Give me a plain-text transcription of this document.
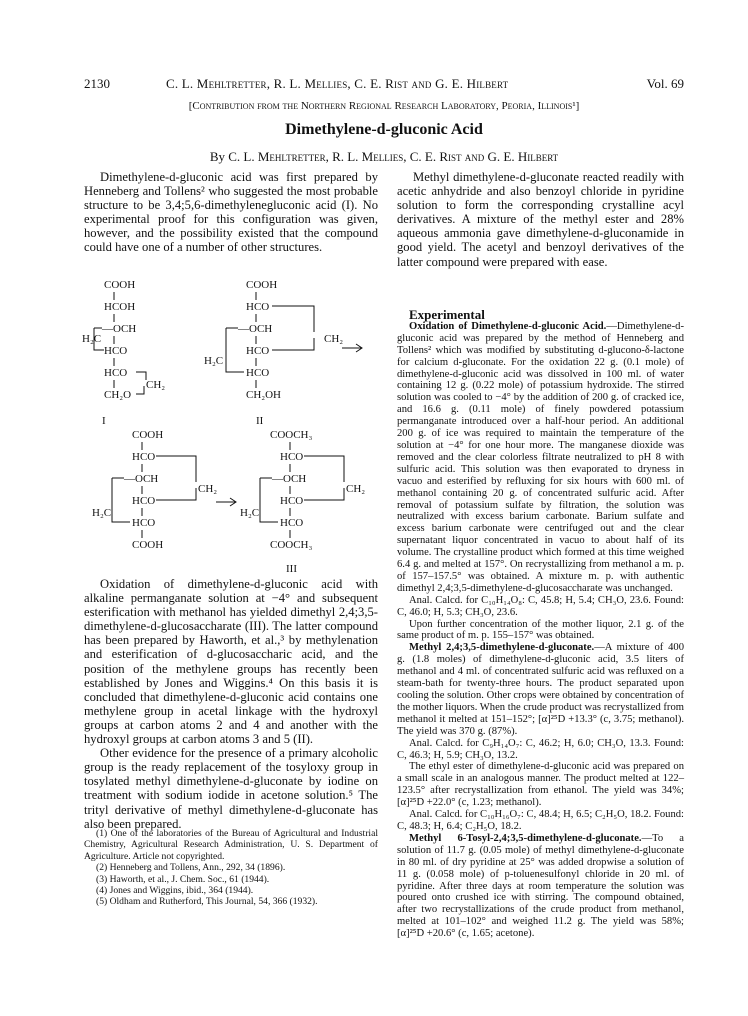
2130	C. L. Mehltretter, R. L. Mellies, C. E. Rist and G. E. Hilbert	Vol. 69
[Contribution from the Northern Regional Research Laboratory, Peoria, Illinois¹]
Dimethylene-d-gluconic Acid
By C. L. Mehltretter, R. L. Mellies, C. E. Rist and G. E. Hilbert

Dimethylene-d-gluconic acid was first prepared by Henneberg and Tollens² who suggested the most probable structure to be 3,4;5,6-dimethylenegluconic acid (I). No experimental proof for this configuration was given, however, and the possibility existed that the compound could have one of a number of other structures.

COOH
HCOH
—OCH
HCO
HCO
CH₂O
H₂C
CH₂
I
COOH
HCO
—OCH
HCO
HCO
CH₂OH
H₂C
CH₂
II
COOH
HCO
—OCH
HCO
HCO
COOH
H₂C
CH₂
COOCH₃
HCO
—OCH
HCO
HCO
COOCH₃
H₂C
CH₂
III

Oxidation of dimethylene-d-gluconic acid with alkaline permanganate solution at −4° and subsequent esterification with methanol has yielded dimethyl 2,4;3,5-dimethylene-d-glucosaccharate (III). The latter compound has been prepared by Haworth, et al.,³ by methylenation and esterification of d-glucosaccharic acid, and the position of the methylene groups has recently been established by Jones and Wiggins.⁴ On this basis it is concluded that dimethylene-d-gluconic acid contains one methylene group in acetal linkage with the hydroxyl groups at carbon atoms 2 and 4 and another with the hydroxyl groups at carbon atoms 3 and 5 (II).

Other evidence for the presence of a primary alcoholic group is the ready replacement of the tosyloxy group in tosylated methyl dimethylene-d-gluconate by iodine on treatment with sodium iodide in acetone solution.⁵ The trityl derivative of methyl dimethylene-d-gluconate has also been prepared.

(1) One of the laboratories of the Bureau of Agricultural and Industrial Chemistry, Agricultural Research Administration, U. S. Department of Agriculture. Article not copyrighted.

(2) Henneberg and Tollens, Ann., 292, 34 (1896).

(3) Haworth, et al., J. Chem. Soc., 61 (1944).

(4) Jones and Wiggins, ibid., 364 (1944).

(5) Oldham and Rutherford, This Journal, 54, 366 (1932).

Methyl dimethylene-d-gluconate reacted readily with acetic anhydride and also benzoyl chloride in pyridine solution to form the corresponding crystalline acyl derivatives. A mixture of the methyl ester and 28% aqueous ammonia gave dimethylene-d-gluconamide in good yield. The acetyl and benzoyl derivatives of the latter compound were prepared with ease.

Experimental

Oxidation of Dimethylene-d-gluconic Acid.—Dimethylene-d-gluconic acid was prepared by the method of Henneberg and Tollens² which was modified by substituting d-glucono-δ-lactone for calcium d-gluconate. For the oxidation 22 g. (0.1 mole) of dimethylene-d-gluconic acid was dissolved in 100 ml. of water containing 12 g. (0.22 mole) of potassium hydroxide. The stirred solution was cooled to −4° by the addition of 200 g. of cracked ice, and 16.6 g. (0.11 mole) of finely powdered potassium permanganate introduced over a half-hour period. An additional 200 g. of ice was required to maintain the temperature of the solution at −4° for one hour more. The manganese dioxide was removed and the clear colorless filtrate neutralized to pH 8 with sulfuric acid. This solution was then evaporated to dryness in vacuo and esterified by refluxing for six hours with 600 ml. of methanol containing 20 g. of concentrated sulfuric acid. After removal of potassium sulfate by filtration, the solution was neutralized with excess barium carbonate. Barium sulfate and excess barium carbonate were centrifuged out and the clear supernatant liquor concentrated in vacuo to about half of its volume. The crystalline product which formed at this time weighed 6.4 g. and melted at 157°. On recrystallizing from methanol a m. p. of 157–157.5° was obtained. A mixture m. p. with authentic dimethyl 2,4;3,5-dimethylene-d-glucosaccharate was unchanged.

Anal. Calcd. for C₁₀H₁₄O₈: C, 45.8; H, 5.4; CH₃O, 23.6. Found: C, 46.0; H, 5.3; CH₃O, 23.6.

Upon further concentration of the mother liquor, 2.1 g. of the same product of m. p. 155–157° was obtained.

Methyl 2,4;3,5-dimethylene-d-gluconate.—A mixture of 400 g. (1.8 moles) of dimethylene-d-gluconic acid, 3.5 liters of methanol and 4 ml. of concentrated sulfuric acid was refluxed on a steam-bath for twenty-three hours. The product separated upon cooling the solution. Other crops were obtained by concentration of the mother liquors. When the crude product was recrystallized from methanol it melted at 151–152°; [α]²⁵D +13.3° (c, 3.75; methanol). The yield was 370 g. (87%).

Anal. Calcd. for C₉H₁₄O₇: C, 46.2; H, 6.0; CH₃O, 13.3. Found: C, 46.3; H, 5.9; CH₃O, 13.2.

The ethyl ester of dimethylene-d-gluconic acid was prepared on a small scale in an analogous manner. The product melted at 122–123.5° after recrystallization from ethanol. The yield was 34%; [α]²⁵D +22.0° (c, 1.23; methanol).

Anal. Calcd. for C₁₀H₁₆O₇: C, 48.4; H, 6.5; C₂H₅O, 18.2. Found: C, 48.3; H, 6.4; C₂H₅O, 18.2.

Methyl 6-Tosyl-2,4;3,5-dimethylene-d-gluconate.—To a solution of 11.7 g. (0.05 mole) of methyl dimethylene-d-gluconate in 80 ml. of dry pyridine at 25° was added dropwise a solution of 11 g. (0.058 mole) of p-toluenesulfonyl chloride in 20 ml. of pyridine. After three days at room temperature the solution was poured onto crushed ice with stirring. The compound obtained, after two recrystallizations of the crude product from methanol, melted at 101–102° and weighed 11.2 g. The yield was 58%; [α]²⁵D +20.6° (c, 1.65; acetone).
